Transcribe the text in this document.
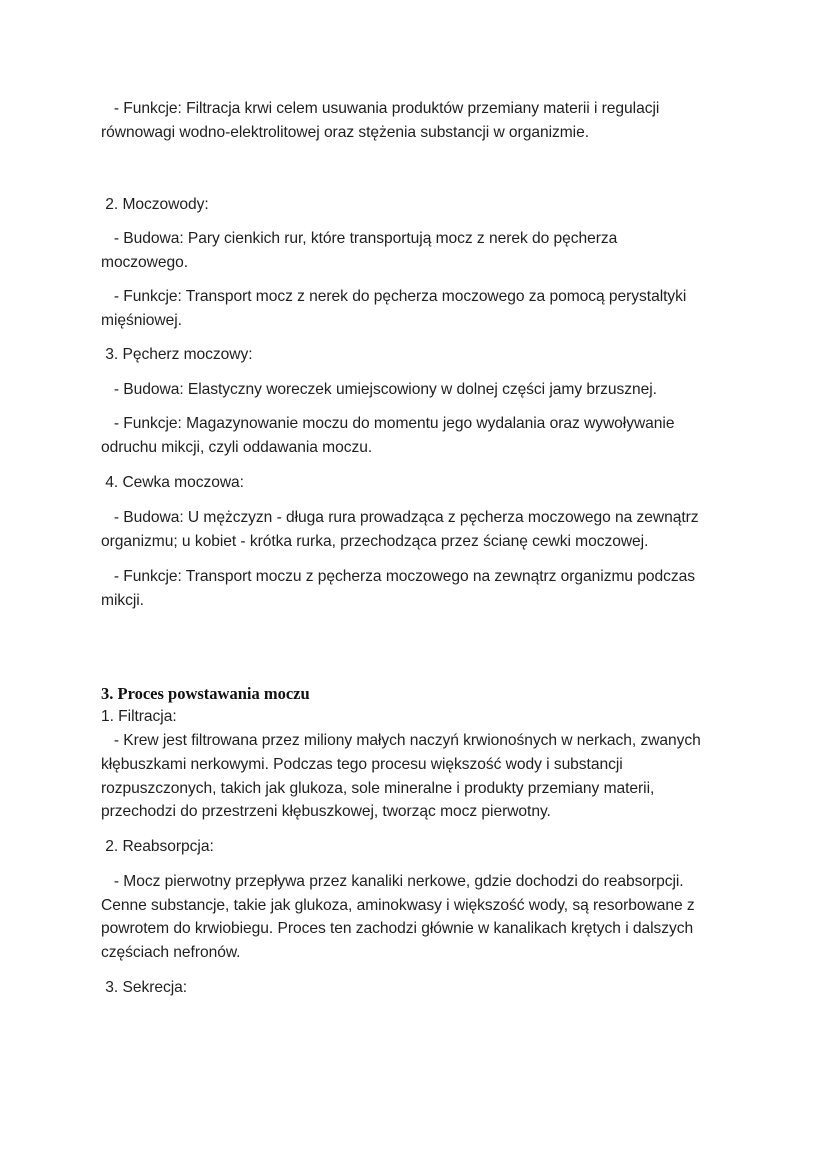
- Funkcje: Filtracja krwi celem usuwania produktów przemiany materii i regulacji
równowagi wodno-elektrolitowej oraz stężenia substancji w organizmie.
2. Moczowody:
- Budowa: Pary cienkich rur, które transportują mocz z nerek do pęcherza
moczowego.
- Funkcje: Transport mocz z nerek do pęcherza moczowego za pomocą perystaltyki
mięśniowej.
3. Pęcherz moczowy:
- Budowa: Elastyczny woreczek umiejscowiony w dolnej części jamy brzusznej.
- Funkcje: Magazynowanie moczu do momentu jego wydalania oraz wywoływanie
odruchu mikcji, czyli oddawania moczu.
4. Cewka moczowa:
- Budowa: U mężczyzn - długa rura prowadząca z pęcherza moczowego na zewnątrz
organizmu; u kobiet - krótka rurka, przechodząca przez ścianę cewki moczowej.
- Funkcje: Transport moczu z pęcherza moczowego na zewnątrz organizmu podczas
mikcji.
3. Proces powstawania moczu
1. Filtracja:
- Krew jest filtrowana przez miliony małych naczyń krwionośnych w nerkach, zwanych
kłębuszkami nerkowymi. Podczas tego procesu większość wody i substancji
rozpuszczonych, takich jak glukoza, sole mineralne i produkty przemiany materii,
przechodzi do przestrzeni kłębuszkowej, tworząc mocz pierwotny.
2. Reabsorpcja:
- Mocz pierwotny przepływa przez kanaliki nerkowe, gdzie dochodzi do reabsorpcji.
Cenne substancje, takie jak glukoza, aminokwasy i większość wody, są resorbowane z
powrotem do krwiobiegu. Proces ten zachodzi głównie w kanalikach krętych i dalszych
częściach nefronów.
3. Sekrecja:
